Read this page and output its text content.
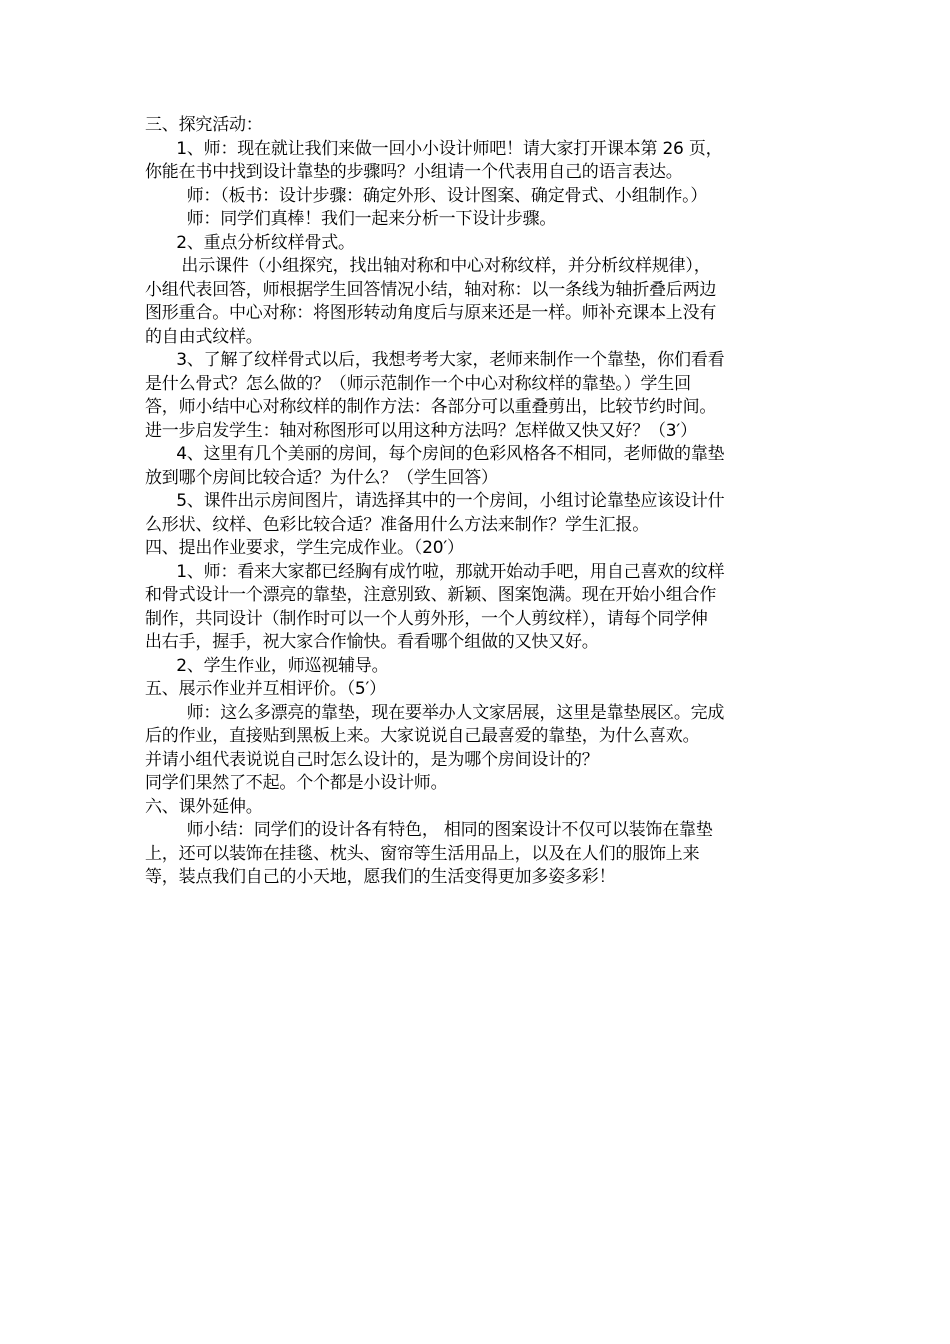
三、探究活动：
1、师：现在就让我们来做一回小小设计师吧！请大家打开课本第 26 页，
你能在书中找到设计靠垫的步骤吗？小组请一个代表用自己的语言表达。
师：（板书：设计步骤：确定外形、设计图案、确定骨式、小组制作。）
师：同学们真棒！我们一起来分析一下设计步骤。
2、重点分析纹样骨式。
出示课件（小组探究，找出轴对称和中心对称纹样，并分析纹样规律），
小组代表回答，师根据学生回答情况小结，轴对称：以一条线为轴折叠后两边
图形重合。中心对称：将图形转动角度后与原来还是一样。师补充课本上没有
的自由式纹样。
3、了解了纹样骨式以后，我想考考大家，老师来制作一个靠垫，你们看看
是什么骨式？怎么做的？（师示范制作一个中心对称纹样的靠垫。）学生回
答，师小结中心对称纹样的制作方法：各部分可以重叠剪出，比较节约时间。
进一步启发学生：轴对称图形可以用这种方法吗？怎样做又快又好？（3′）
4、这里有几个美丽的房间，每个房间的色彩风格各不相同，老师做的靠垫
放到哪个房间比较合适？为什么？（学生回答）
5、课件出示房间图片，请选择其中的一个房间，小组讨论靠垫应该设计什
么形状、纹样、色彩比较合适？准备用什么方法来制作？学生汇报。
四、提出作业要求，学生完成作业。（20′）
1、师：看来大家都已经胸有成竹啦，那就开始动手吧，用自己喜欢的纹样
和骨式设计一个漂亮的靠垫，注意别致、新颖、图案饱满。现在开始小组合作
制作，共同设计（制作时可以一个人剪外形，一个人剪纹样），请每个同学伸
出右手，握手，祝大家合作愉快。看看哪个组做的又快又好。
2、学生作业，师巡视辅导。
五、展示作业并互相评价。（5′）
师：这么多漂亮的靠垫，现在要举办人文家居展，这里是靠垫展区。完成
后的作业，直接贴到黑板上来。大家说说自己最喜爱的靠垫，为什么喜欢。
并请小组代表说说自己时怎么设计的，是为哪个房间设计的？
同学们果然了不起。个个都是小设计师。
六、课外延伸。
师小结：同学们的设计各有特色， 相同的图案设计不仅可以装饰在靠垫
上，还可以装饰在挂毯、枕头、窗帘等生活用品上，以及在人们的服饰上来
等，装点我们自己的小天地，愿我们的生活变得更加多姿多彩！
